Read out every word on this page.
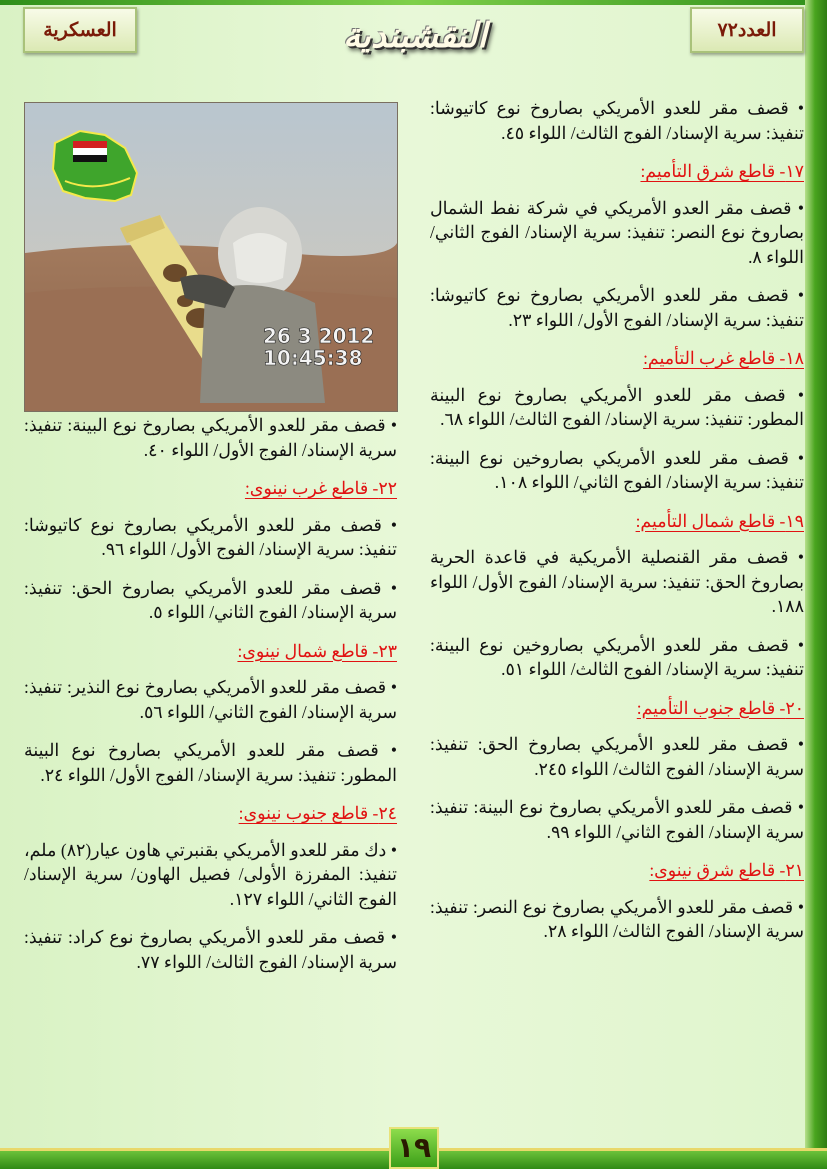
العسكرية	النقشبندية	العدد٧٢
26 3 2012
10:45:38

• قصف مقر للعدو الأمريكي بصاروخ نوع كاتيوشا: تنفيذ: سرية الإسناد/ الفوج الثالث/ اللواء ٤٥.

١٧- قاطع شرق التأميم:

• قصف مقر العدو الأمريكي في شركة نفط الشمال بصاروخ نوع النصر: تنفيذ: سرية الإسناد/ الفوج الثاني/ اللواء ٨.

• قصف مقر للعدو الأمريكي بصاروخ نوع كاتيوشا: تنفيذ: سرية الإسناد/ الفوج الأول/ اللواء ٢٣.

١٨- قاطع غرب التأميم:

• قصف مقر للعدو الأمريكي بصاروخ نوع البينة المطور: تنفيذ: سرية الإسناد/ الفوج الثالث/ اللواء ٦٨.

• قصف مقر للعدو الأمريكي بصاروخين نوع البينة: تنفيذ: سرية الإسناد/ الفوج الثاني/ اللواء ١٠٨.

١٩- قاطع شمال التأميم:

• قصف مقر القنصلية الأمريكية في قاعدة الحرية بصاروخ الحق: تنفيذ: سرية الإسناد/ الفوج الأول/ اللواء ١٨٨.

• قصف مقر للعدو الأمريكي بصاروخين نوع البينة: تنفيذ: سرية الإسناد/ الفوج الثالث/ اللواء ٥١.

٢٠- قاطع جنوب التأميم:

• قصف مقر للعدو الأمريكي بصاروخ الحق: تنفيذ: سرية الإسناد/ الفوج الثالث/ اللواء ٢٤٥.

• قصف مقر للعدو الأمريكي بصاروخ نوع البينة: تنفيذ: سرية الإسناد/ الفوج الثاني/ اللواء ٩٩.

٢١- قاطع شرق نينوى:

• قصف مقر للعدو الأمريكي بصاروخ نوع النصر: تنفيذ: سرية الإسناد/ الفوج الثالث/ اللواء ٢٨.

• قصف مقر للعدو الأمريكي بصاروخ نوع البينة: تنفيذ: سرية الإسناد/ الفوج الأول/ اللواء ٤٠.

٢٢- قاطع غرب نينوى:

• قصف مقر للعدو الأمريكي بصاروخ نوع كاتيوشا: تنفيذ: سرية الإسناد/ الفوج الأول/ اللواء ٩٦.

• قصف مقر للعدو الأمريكي بصاروخ الحق: تنفيذ: سرية الإسناد/ الفوج الثاني/ اللواء ٥.

٢٣- قاطع شمال نينوى:

• قصف مقر للعدو الأمريكي بصاروخ نوع النذير: تنفيذ: سرية الإسناد/ الفوج الثاني/ اللواء ٥٦.

• قصف مقر للعدو الأمريكي بصاروخ نوع البينة المطور: تنفيذ: سرية الإسناد/ الفوج الأول/ اللواء ٢٤.

٢٤- قاطع جنوب نينوى:

• دك مقر للعدو الأمريكي بقنبرتي هاون عيار(٨٢) ملم، تنفيذ: المفرزة الأولى/ فصيل الهاون/ سرية الإسناد/ الفوج الثاني/ اللواء ١٢٧.

• قصف مقر للعدو الأمريكي بصاروخ نوع كراد: تنفيذ: سرية الإسناد/ الفوج الثالث/ اللواء ٧٧.

١٩
